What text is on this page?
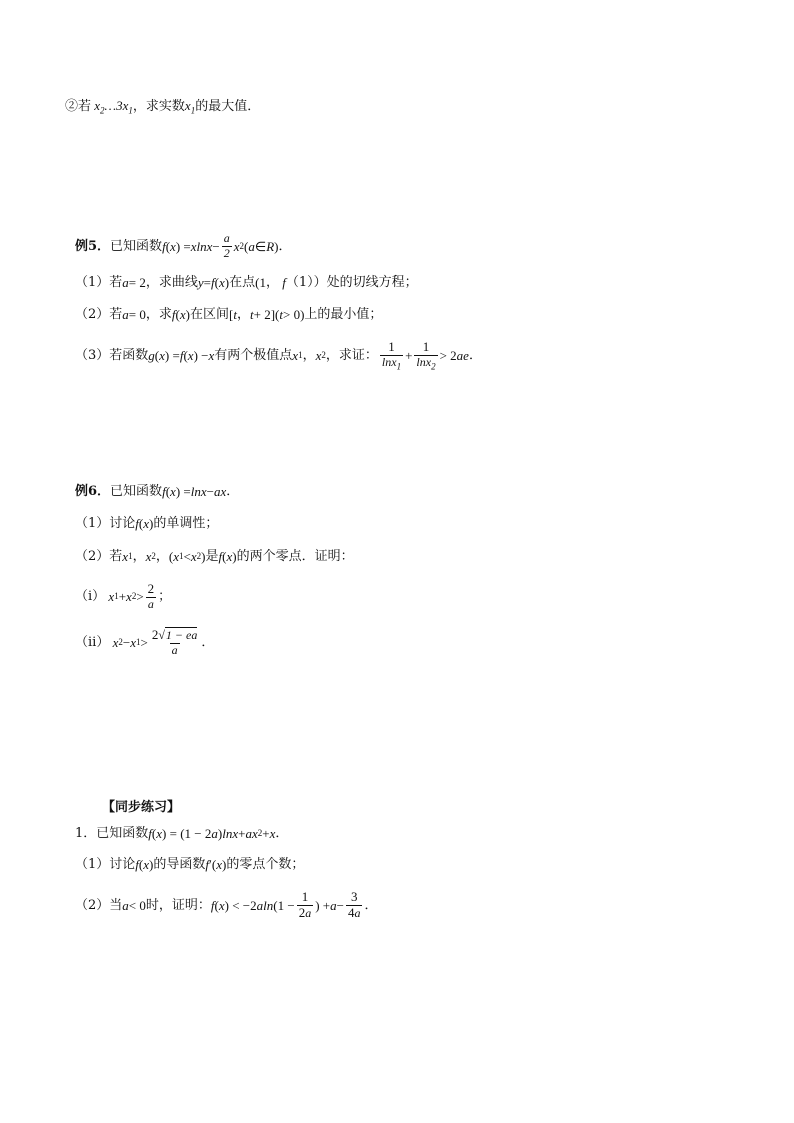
②若 $x_2\dots 3x_1$ ，求实数 $x_1$ 的最大值．
例5． 已知函数 f ( x ) = $xlnx - \frac{a}{2}$ x 2 ( a ∈ R ) ．
（1）若 a = 2 ，求曲线 y = f ( x ) 在点 (1 ， f （1））处的切线方程；
（2）若 a = 0 ，求 f ( x ) 在区间 [ t ， t + 2]( t > 0) 上的最小值；
（3）若函数 g ( x ) = f ( x ) − x 有两个极值点 x 1 ， x 2 ，求证： $\frac{1}{\ln x_1} + \frac{1}{\ln x_2} > 2$ ae ．
例6． 已知函数 f ( x ) = lnx − ax ．
（1）讨论 f ( x ) 的单调性；
（2）若 x 1 ， x 2 ， ( x 1 < x 2 ) 是 f ( x ) 的两个零点．证明：
（ⅰ） x 1 + x $2 > \frac{2}{a}$ ；
（ⅱ） x 2 − x $1 > \frac{2√1 - ea}{a}$ ．
【同步练习】
1．已知函数 f ( x ) = (1 − 2 a ) lnx + ax 2 + x ．
（1）讨论 f ( x ) 的导函数 f ′( x ) 的零点个数；
（2）当 a < 0 时，证明： f ( x ) < −2 aln ($1 - \frac{1}{2a}$ ) + $a - \frac{3}{4a}$ ．
